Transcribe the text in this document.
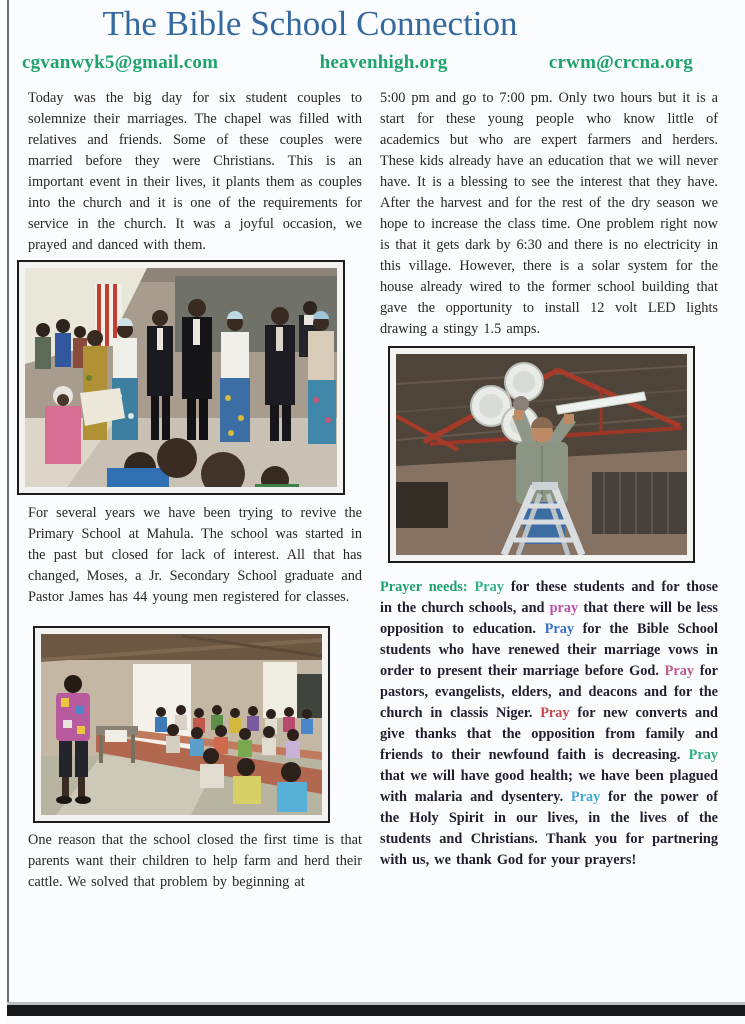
The Bible School Connection
cgvanwyk5@gmail.com	heavenhigh.org	crwm@crcna.org

Today was the big day for six student couples to solemnize their marriages. The chapel was filled with relatives and friends. Some of these couples were married before they were Christians. This is an important event in their lives, it plants them as couples into the church and it is one of the requirements for service in the church. It was a joyful occasion, we prayed and danced with them.

For several years we have been trying to revive the Primary School at Mahula. The school was started in the past but closed for lack of interest. All that has changed, Moses, a Jr. Secondary School graduate and Pastor James has 44 young men registered for classes.

One reason that the school closed the first time is that parents want their children to help farm and herd their cattle. We solved that problem by beginning at

5:00 pm and go to 7:00 pm. Only two hours but it is a start for these young people who know little of academics but who are expert farmers and herders. These kids already have an education that we will never have. It is a blessing to see the interest that they have. After the harvest and for the rest of the dry season we hope to increase the class time. One problem right now is that it gets dark by 6:30 and there is no electricity in this village. However, there is a solar system for the house already wired to the former school building that gave the opportunity to install 12 volt LED lights drawing a stingy 1.5 amps.

Prayer needs: Pray for these students and for those in the church schools, and pray that there will be less opposition to education. Pray for the Bible School students who have renewed their marriage vows in order to present their marriage before God. Pray for pastors, evangelists, elders, and deacons and for the church in classis Niger. Pray for new converts and give thanks that the opposition from family and friends to their newfound faith is decreasing. Pray that we will have good health; we have been plagued with malaria and dysentery. Pray for the power of the Holy Spirit in our lives, in the lives of the students and Christians. Thank you for partnering with us, we thank God for your prayers!
